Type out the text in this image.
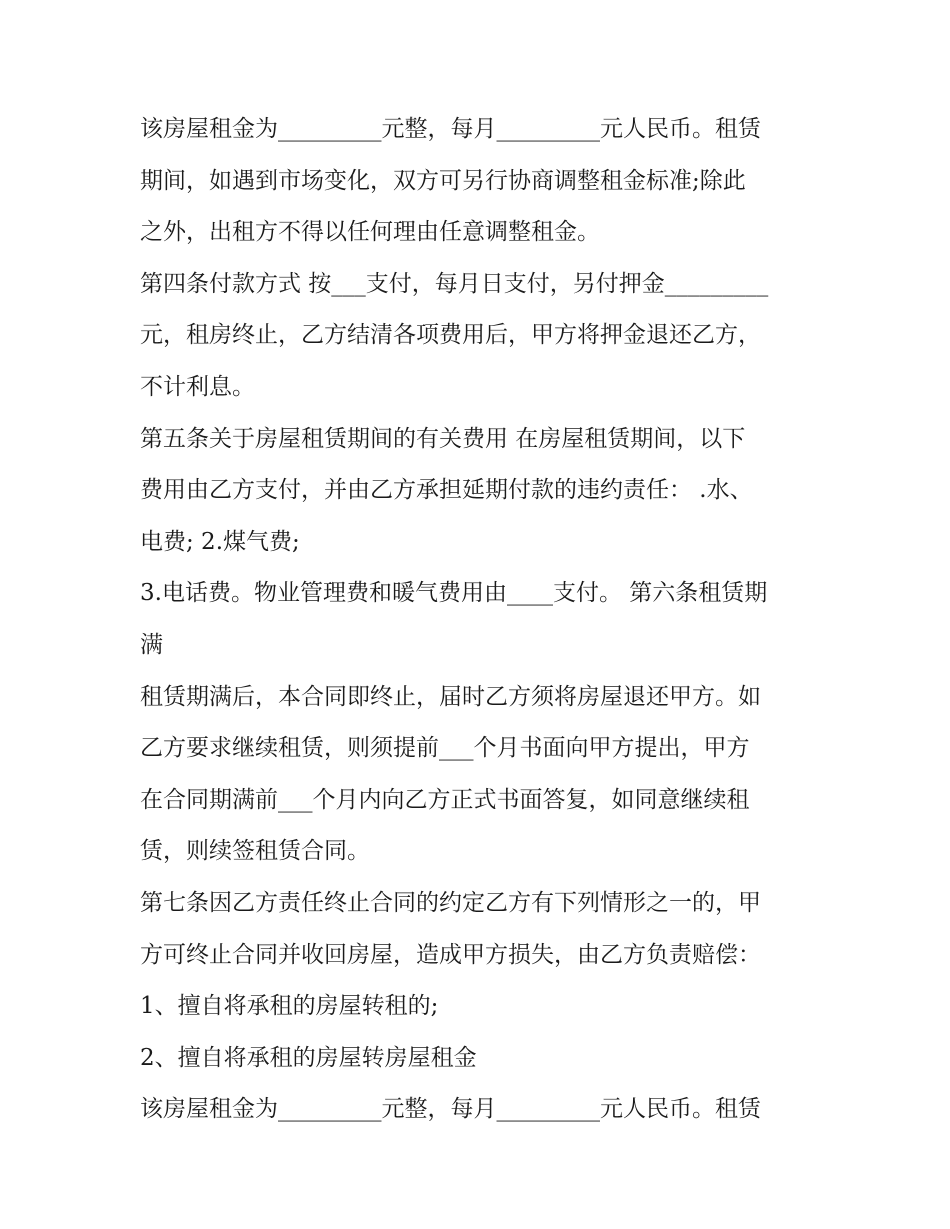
该房屋租金为_________元整，每月_________元人民币。租赁
期间，如遇到市场变化，双方可另行协商调整租金标准;除此
之外，出租方不得以任何理由任意调整租金。
第四条付款方式 按___支付，每月日支付，另付押金_________
元，租房终止，乙方结清各项费用后，甲方将押金退还乙方，
不计利息。
第五条关于房屋租赁期间的有关费用 在房屋租赁期间，以下
费用由乙方支付，并由乙方承担延期付款的违约责任： .水、
电费; 2.煤气费;
3.电话费。物业管理费和暖气费用由____支付。 第六条租赁期
满
租赁期满后，本合同即终止，届时乙方须将房屋退还甲方。如
乙方要求继续租赁，则须提前___个月书面向甲方提出，甲方
在合同期满前___个月内向乙方正式书面答复，如同意继续租
赁，则续签租赁合同。
第七条因乙方责任终止合同的约定乙方有下列情形之一的，甲
方可终止合同并收回房屋，造成甲方损失，由乙方负责赔偿：
1、擅自将承租的房屋转租的;
2、擅自将承租的房屋转房屋租金
该房屋租金为_________元整，每月_________元人民币。租赁
